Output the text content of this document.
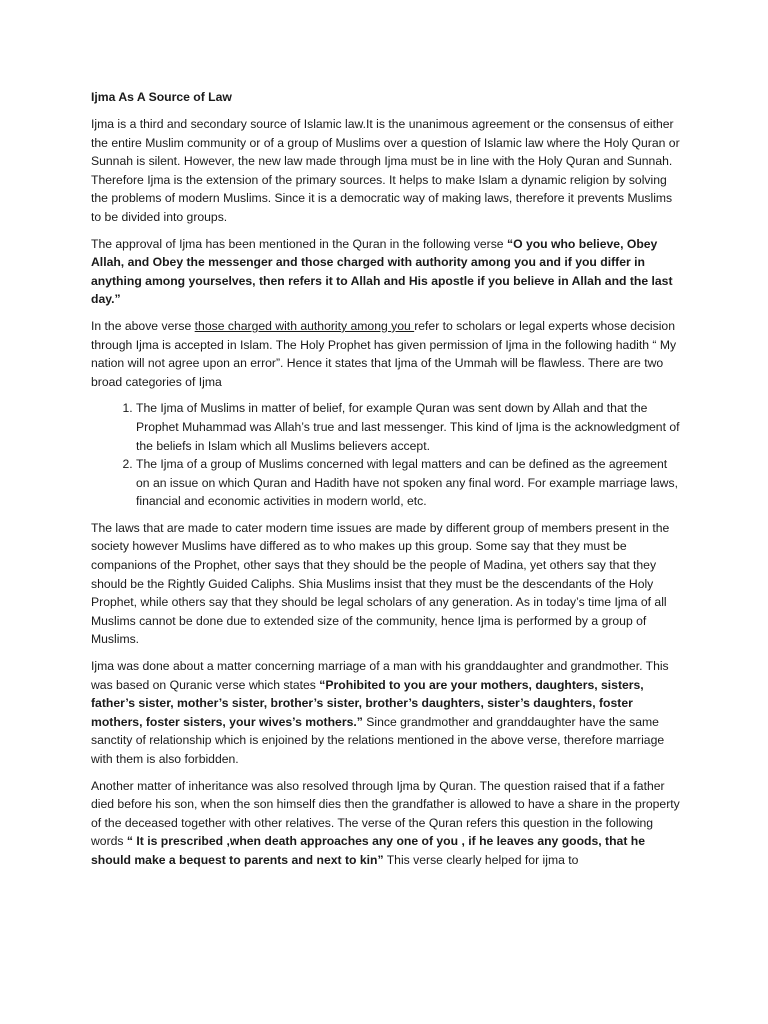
Ijma As A Source of Law

Ijma is a third and secondary source of Islamic law.It is the unanimous agreement or the consensus of either the entire Muslim community or of a group of Muslims over a question of Islamic law where the Holy Quran or Sunnah is silent. However, the new law made through Ijma must be in line with the Holy Quran and Sunnah. Therefore Ijma is the extension of the primary sources. It helps to make Islam a dynamic religion by solving the problems of modern Muslims. Since it is a democratic way of making laws, therefore it prevents Muslims to be divided into groups.

The approval of Ijma has been mentioned in the Quran in the following verse “O you who believe, Obey Allah, and Obey the messenger and those charged with authority among you and if you differ in anything among yourselves, then refers it to Allah and His apostle if you believe in Allah and the last day.”

In the above verse those charged with authority among you refer to scholars or legal experts whose decision through Ijma is accepted in Islam. The Holy Prophet has given permission of Ijma in the following hadith “ My nation will not agree upon an error”. Hence it states that Ijma of the Ummah will be flawless. There are two broad categories of Ijma

1. The Ijma of Muslims in matter of belief, for example Quran was sent down by Allah and that the Prophet Muhammad was Allah’s true and last messenger. This kind of Ijma is the acknowledgment of the beliefs in Islam which all Muslims believers accept.
2. The Ijma of a group of Muslims concerned with legal matters and can be defined as the agreement on an issue on which Quran and Hadith have not spoken any final word. For example marriage laws, financial and economic activities in modern world, etc.

The laws that are made to cater modern time issues are made by different group of members present in the society however Muslims have differed as to who makes up this group. Some say that they must be companions of the Prophet, other says that they should be the people of Madina, yet others say that they should be the Rightly Guided Caliphs. Shia Muslims insist that they must be the descendants of the Holy Prophet, while others say that they should be legal scholars of any generation. As in today’s time Ijma of all Muslims cannot be done due to extended size of the community, hence Ijma is performed by a group of Muslims.

Ijma was done about a matter concerning marriage of a man with his granddaughter and grandmother. This was based on Quranic verse which states “Prohibited to you are your mothers, daughters, sisters, father’s sister, mother’s sister, brother’s sister, brother’s daughters, sister’s daughters, foster mothers, foster sisters, your wives’s mothers.” Since grandmother and granddaughter have the same sanctity of relationship which is enjoined by the relations mentioned in the above verse, therefore marriage with them is also forbidden.

Another matter of inheritance was also resolved through Ijma by Quran. The question raised that if a father died before his son, when the son himself dies then the grandfather is allowed to have a share in the property of the deceased together with other relatives. The verse of the Quran refers this question in the following words “ It is prescribed ,when death approaches any one of you , if he leaves any goods, that he should make a bequest to parents and next to kin” This verse clearly helped for ijma to
